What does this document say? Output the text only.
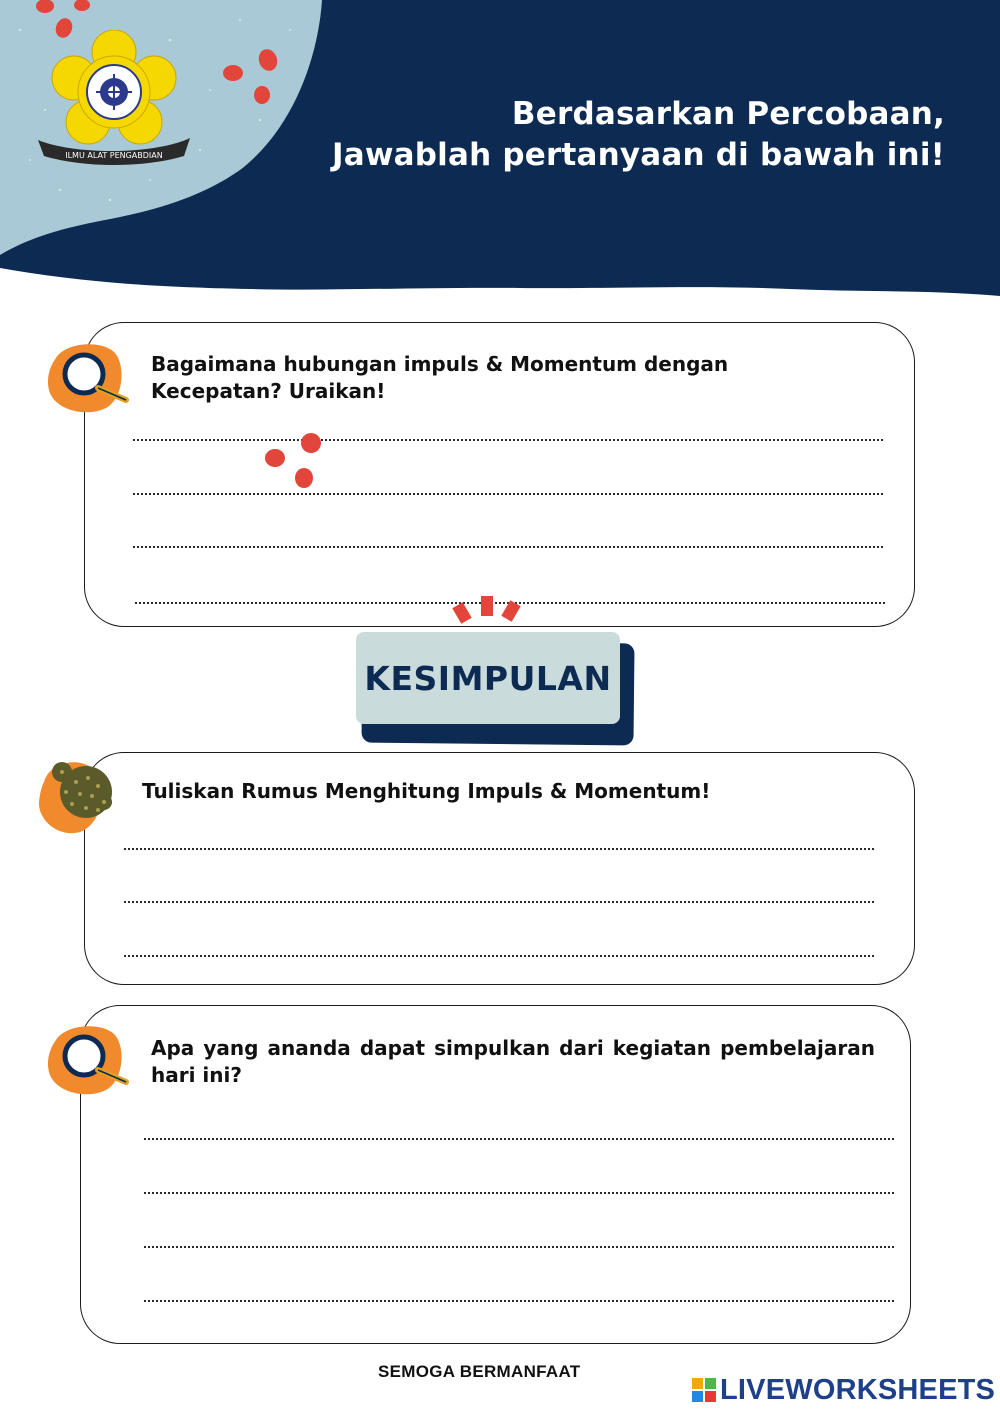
ILMU ALAT PENGABDIAN
Berdasarkan Percobaan,
Jawablah pertanyaan di bawah ini!
Bagaimana hubungan impuls & Momentum dengan Kecepatan? Uraikan!
KESIMPULAN
Tuliskan Rumus Menghitung Impuls & Momentum!
Apa yang ananda dapat simpulkan dari kegiatan pembelajaran hari ini?
SEMOGA BERMANFAAT
LIVEWORKSHEETS
